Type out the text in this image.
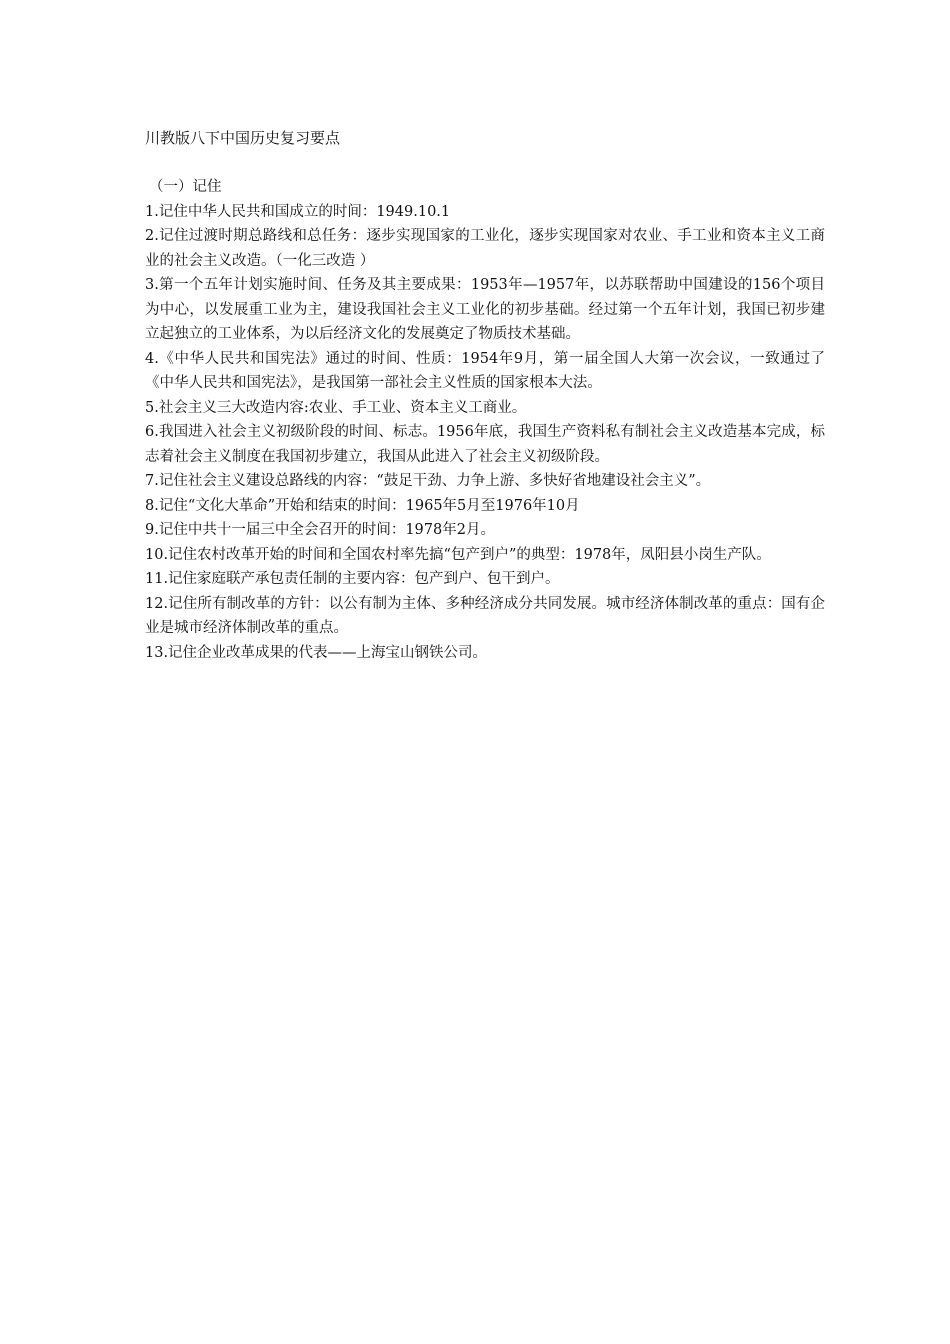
川教版八下中国历史复习要点

（一）记住

1.记住中华人民共和国成立的时间：1949.10.1

2.记住过渡时期总路线和总任务：逐步实现国家的工业化，逐步实现国家对农业、手工业和资本主义工商业的社会主义改造。（一化三改造 ）

3.第一个五年计划实施时间、任务及其主要成果：1953年—1957年，以苏联帮助中国建设的156个项目为中心，以发展重工业为主，建设我国社会主义工业化的初步基础。经过第一个五年计划，我国已初步建立起独立的工业体系，为以后经济文化的发展奠定了物质技术基础。

4.《中华人民共和国宪法》通过的时间、性质：1954年9月，第一届全国人大第一次会议，一致通过了《中华人民共和国宪法》，是我国第一部社会主义性质的国家根本大法。

5.社会主义三大改造内容:农业、手工业、资本主义工商业。

6.我国进入社会主义初级阶段的时间、标志。1956年底，我国生产资料私有制社会主义改造基本完成，标志着社会主义制度在我国初步建立，我国从此进入了社会主义初级阶段。

7.记住社会主义建设总路线的内容：“鼓足干劲、力争上游、多快好省地建设社会主义”。

8.记住“文化大革命”开始和结束的时间：1965年5月至1976年10月

9.记住中共十一届三中全会召开的时间：1978年2月。

10.记住农村改革开始的时间和全国农村率先搞“包产到户”的典型：1978年，凤阳县小岗生产队。

11.记住家庭联产承包责任制的主要内容：包产到户、包干到户。

12.记住所有制改革的方针：以公有制为主体、多种经济成分共同发展。城市经济体制改革的重点：国有企业是城市经济体制改革的重点。

13.记住企业改革成果的代表——上海宝山钢铁公司。
